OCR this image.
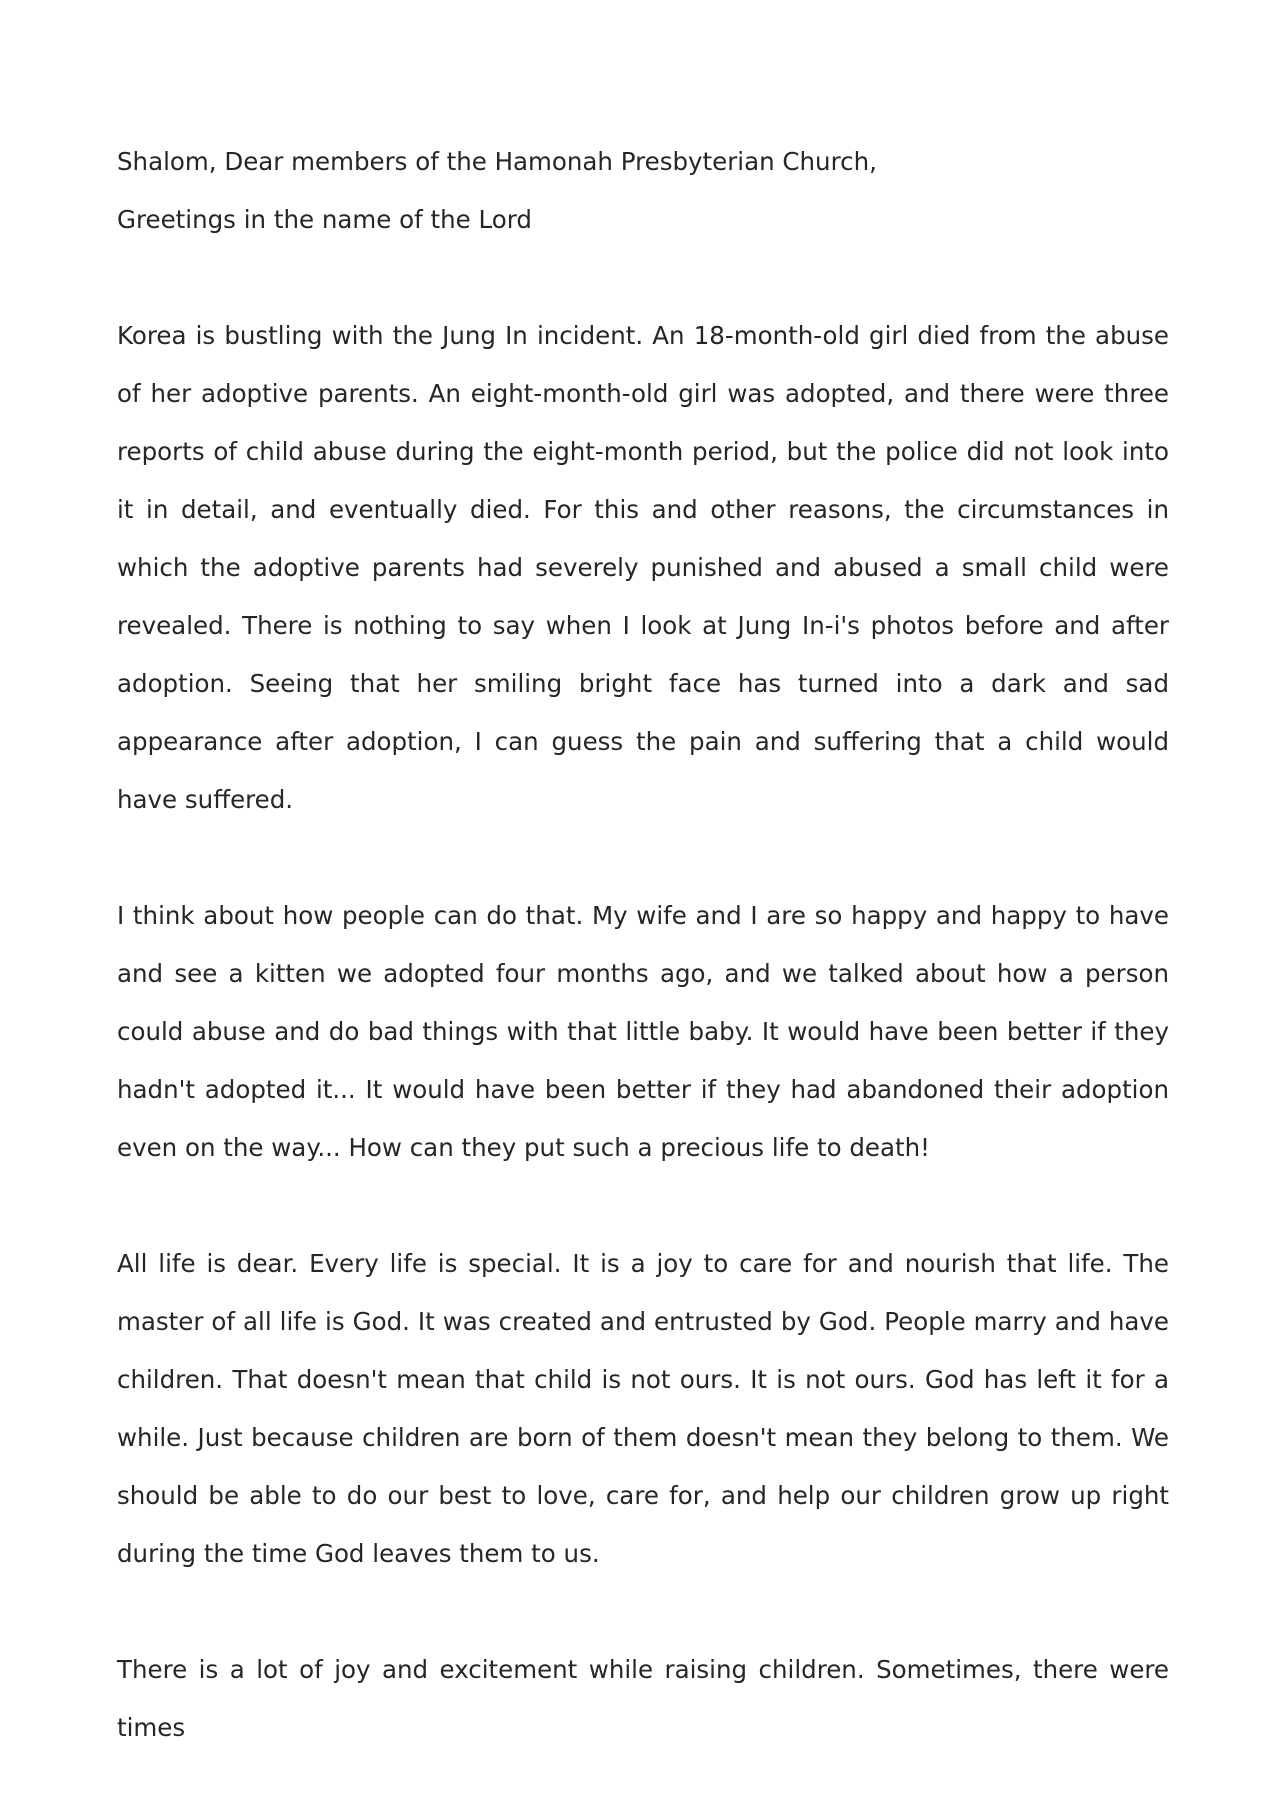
Shalom, Dear members of the Hamonah Presbyterian Church,

Greetings in the name of the Lord

Korea is bustling with the Jung In incident. An 18-month-old girl died from the abuse of her adoptive parents. An eight-month-old girl was adopted, and there were three reports of child abuse during the eight-month period, but the police did not look into it in detail, and eventually died. For this and other reasons, the circumstances in which the adoptive parents had severely punished and abused a small child were revealed. There is nothing to say when I look at Jung In-i's photos before and after adoption. Seeing that her smiling bright face has turned into a dark and sad appearance after adoption, I can guess the pain and suffering that a child would have suffered.

I think about how people can do that. My wife and I are so happy and happy to have and see a kitten we adopted four months ago, and we talked about how a person could abuse and do bad things with that little baby. It would have been better if they hadn't adopted it... It would have been better if they had abandoned their adoption even on the way... How can they put such a precious life to death!

All life is dear. Every life is special. It is a joy to care for and nourish that life. The master of all life is God. It was created and entrusted by God. People marry and have children. That doesn't mean that child is not ours. It is not ours. God has left it for a while. Just because children are born of them doesn't mean they belong to them. We should be able to do our best to love, care for, and help our children grow up right during the time God leaves them to us.

There is a lot of joy and excitement while raising children. Sometimes, there were times
